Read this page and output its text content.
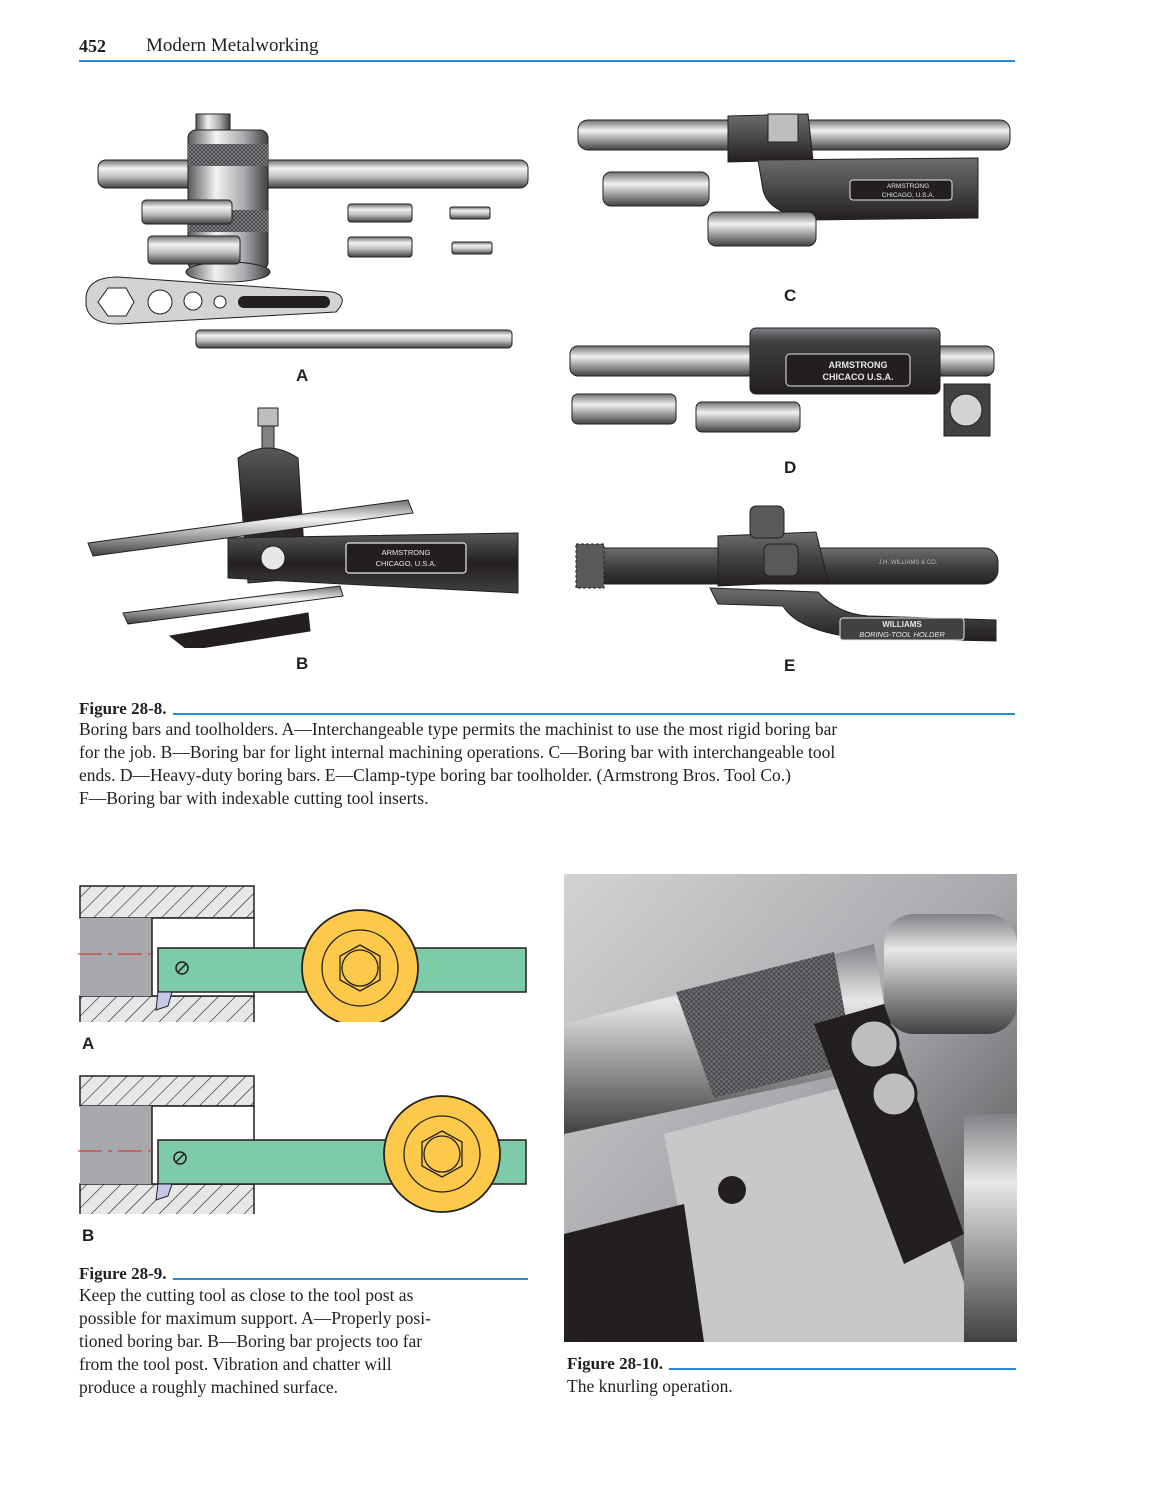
452 Modern Metalworking
A
ARMSTRONG
CHICAGO, U.S.A.
B
ARMSTRONG
CHICAGO, U.S.A.
C
ARMSTRONG
CHICACO U.S.A.
D
WILLIAMS
BORING-TOOL HOLDER
J.H. WILLIAMS & CO.
E
Figure 28-8.
Boring bars and toolholders. A—Interchangeable type permits the machinist to use the most rigid boring bar
for the job. B—Boring bar for light internal machining operations. C—Boring bar with interchangeable tool
ends. D—Heavy-duty boring bars. E—Clamp-type boring bar toolholder. (Armstrong Bros. Tool Co.)
F—Boring bar with indexable cutting tool inserts.
A
B
Figure 28-9.
Keep the cutting tool as close to the tool post as
possible for maximum support. A—Properly posi-
tioned boring bar. B—Boring bar projects too far
from the tool post. Vibration and chatter will
produce a roughly machined surface.
Figure 28-10.
The knurling operation.
